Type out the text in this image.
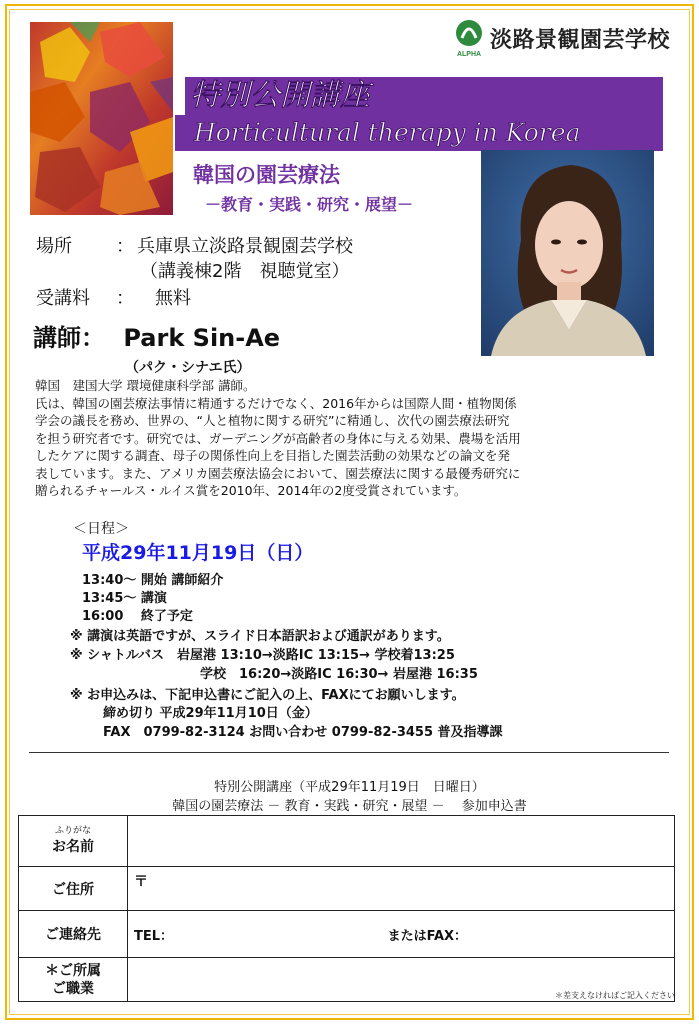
ALPHA
淡路景観園芸学校
特別公開講座
Horticultural therapy in Korea
韓国の園芸療法
－教育・実践・研究・展望－
場所 ： 兵庫県立淡路景観園芸学校
（講義棟2階　視聴覚室）
受講料 ： 無料
講師： Park Sin-Ae
（パク・シナエ氏）
韓国　建国大学 環境健康科学部 講師。
氏は、韓国の園芸療法事情に精通するだけでなく、2016年からは国際人間・植物関係
学会の議長を務め、世界の、“人と植物に関する研究”に精通し、次代の園芸療法研究
を担う研究者です。研究では、ガーデニングが高齢者の身体に与える効果、農場を活用
したケアに関する調査、母子の関係性向上を目指した園芸活動の効果などの論文を発
表しています。また、アメリカ園芸療法協会において、園芸療法に関する最優秀研究に
贈られるチャールス・ルイス賞を2010年、2014年の2度受賞されています。
＜日程＞
平成29年11月19日（日）
13:40～ 開始 講師紹介
13:45～ 講演
16:00　 終了予定
※ 講演は英語ですが、スライド日本語訳および通訳があります。
※ シャトルバス　岩屋港 13:10→淡路IC 13:15→ 学校着13:25
学校　16:20→淡路IC 16:30→ 岩屋港 16:35
※ お申込みは、下記申込書にご記入の上、FAXにてお願いします。
締め切り 平成29年11月10日（金）
FAX　0799-82-3124 お問い合わせ 0799-82-3455 普及指導課
特別公開講座（平成29年11月19日　日曜日）
韓国の園芸療法 － 教育・実践・研究・展望 －　 参加申込書
ふりがな
お名前	
ご住所	〒
ご連絡先	TEL： またはFAX：

＊ご所属
ご職業	
		＊差支えなければご記入ください
